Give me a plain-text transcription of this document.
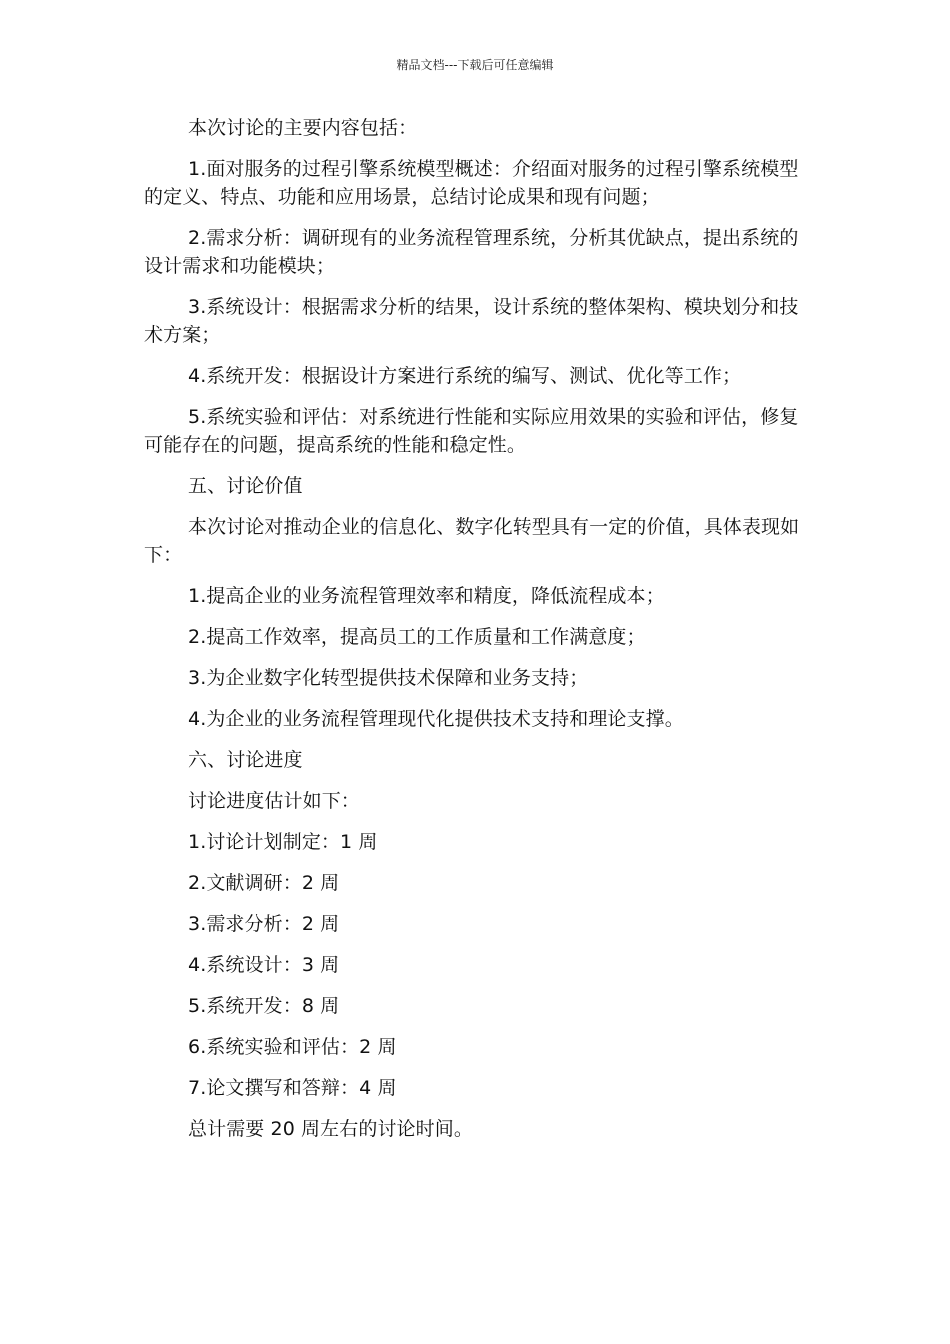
精品文档---下载后可任意编辑

本次讨论的主要内容包括：

1.面对服务的过程引擎系统模型概述：介绍面对服务的过程引擎系统模型的定义、特点、功能和应用场景，总结讨论成果和现有问题；

2.需求分析：调研现有的业务流程管理系统，分析其优缺点，提出系统的设计需求和功能模块；

3.系统设计：根据需求分析的结果，设计系统的整体架构、模块划分和技术方案；

4.系统开发：根据设计方案进行系统的编写、测试、优化等工作；

5.系统实验和评估：对系统进行性能和实际应用效果的实验和评估，修复可能存在的问题，提高系统的性能和稳定性。

五、讨论价值

本次讨论对推动企业的信息化、数字化转型具有一定的价值，具体表现如下：

1.提高企业的业务流程管理效率和精度，降低流程成本；

2.提高工作效率，提高员工的工作质量和工作满意度；

3.为企业数字化转型提供技术保障和业务支持；

4.为企业的业务流程管理现代化提供技术支持和理论支撑。

六、讨论进度

讨论进度估计如下：

1.讨论计划制定：1 周

2.文献调研：2 周

3.需求分析：2 周

4.系统设计：3 周

5.系统开发：8 周

6.系统实验和评估：2 周

7.论文撰写和答辩：4 周

总计需要 20 周左右的讨论时间。
